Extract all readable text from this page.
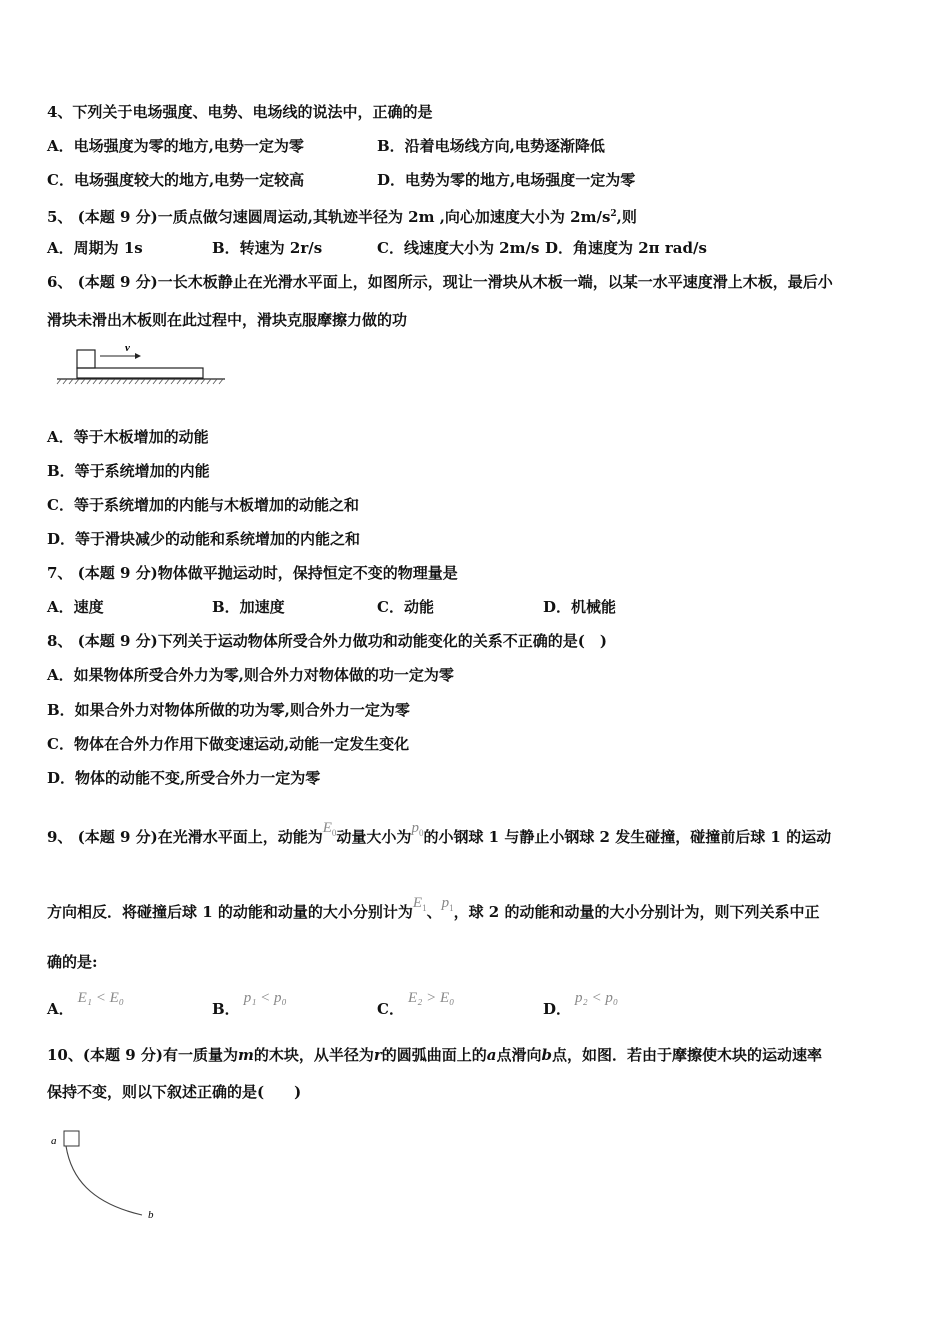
4、下列关于电场强度、电势、电场线的说法中，正确的是
A．电场强度为零的地方,电势一定为零	B．沿着电场线方向,电势逐渐降低
C．电场强度较大的地方,电势一定较高	D．电势为零的地方,电场强度一定为零
5、 (本题 9 分)一质点做匀速圆周运动,其轨迹半径为 2m ,向心加速度大小为 $2m/s^2$,则
A．周期为 1s	B．转速为 2r/s	C．线速度大小为 2m/s D．角速度为 2π rad/s
6、 (本题 9 分)一长木板静止在光滑水平面上，如图所示，现让一滑块从木板一端，以某一水平速度滑上木板，最后小
滑块未滑出木板则在此过程中，滑块克服摩擦力做的功
v
A．等于木板增加的动能
B．等于系统增加的内能
C．等于系统增加的内能与木板增加的动能之和
D．等于滑块减少的动能和系统增加的内能之和
7、 (本题 9 分)物体做平抛运动时，保持恒定不变的物理量是
A．速度	B．加速度	C．动能	D．机械能
8、 (本题 9 分)下列关于运动物体所受合外力做功和动能变化的关系不正确的是(　)
A．如果物体所受合外力为零,则合外力对物体做的功一定为零
B．如果合外力对物体所做的功为零,则合外力一定为零
C．物体在合外力作用下做变速运动,动能一定发生变化
D．物体的动能不变,所受合外力一定为零
9、 (本题 9 分)在光滑水平面上，动能为$E_0$动量大小为$p_0$的小钢球 1 与静止小钢球 2 发生碰撞，碰撞前后球 1 的运动
方向相反．将碰撞后球 1 的动能和动量的大小分别计为$E_1$、$p_1$，球 2 的动能和动量的大小分别计为，则下列关系中正
确的是:
A．E₁ < E₀
B．p₁ < p₀
C．E₂ > E₀
D．p₂ < p₀
10、(本题 9 分)有一质量为m的木块，从半径为r的圆弧曲面上的a点滑向b点，如图．若由于摩擦使木块的运动速率
保持不变，则以下叙述正确的是(　　)
a
b
